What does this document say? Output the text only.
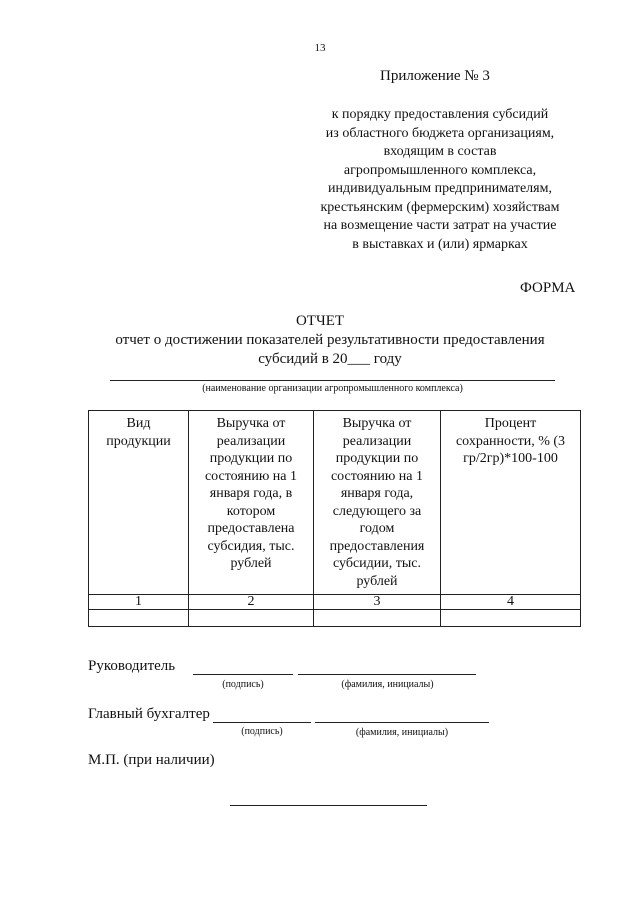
13
Приложение № 3
к порядку предоставления субсидий
из областного бюджета организациям,
входящим в состав
агропромышленного комплекса,
индивидуальным предпринимателям,
крестьянским (фермерским) хозяйствам
на возмещение части затрат на участие
в выставках и (или) ярмарках
ФОРМА
ОТЧЕТ
отчет о достижении показателей результативности предоставления
субсидий в 20___ году
(наименование организации агропромышленного комплекса)
Вид продукции	Выручка от реализации продукции по состоянию на 1 января года, в котором предоставлена субсидия, тыс. рублей	Выручка от реализации продукции по состоянию на 1 января года, следующего за годом предоставления субсидии, тыс. рублей	Процент сохранности, % (3 гр/2гр)*100-100
1	2	3	4

Руководитель
(подпись)	(фамилия, инициалы)
Главный бухгалтер
(подпись)	(фамилия, инициалы)
М.П. (при наличии)
